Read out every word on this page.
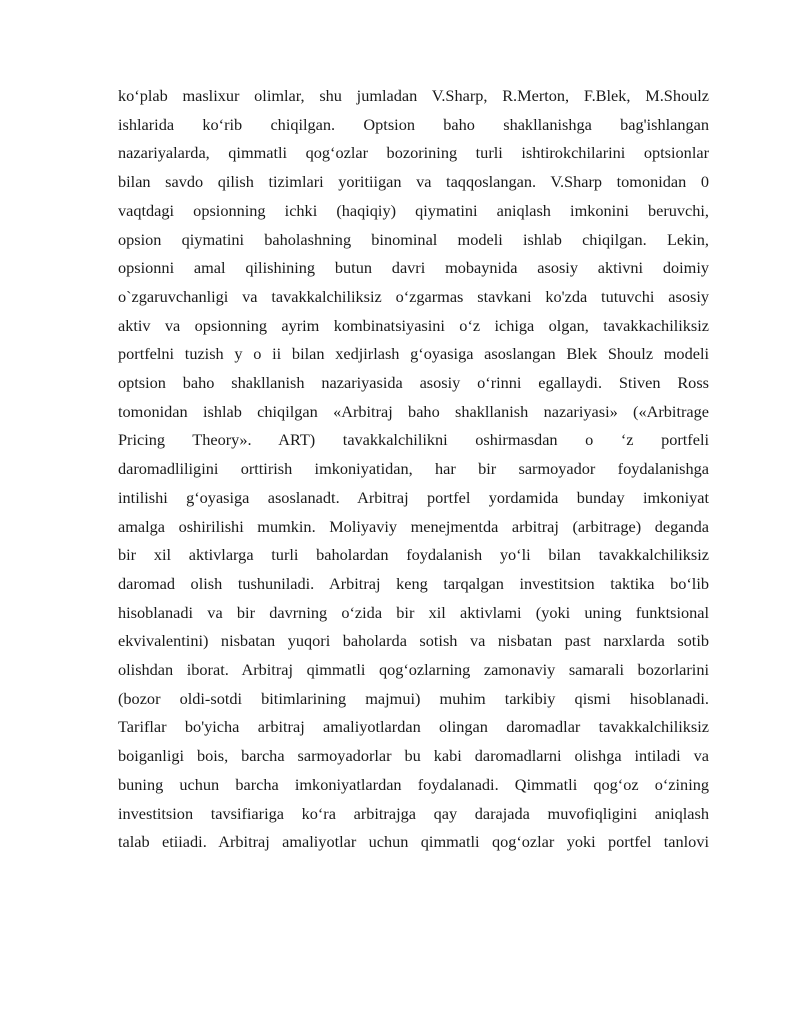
ko‘plab maslixur olimlar, shu jumladan V.Sharp, R.Merton, F.Blek, M.Shoulz
ishlarida ko‘rib chiqilgan. Optsion baho shakllanishga bag'ishlangan
nazariyalarda, qimmatli qog‘ozlar bozorining turli ishtirokchilarini optsionlar
bilan savdo qilish tizimlari yoritiigan va taqqoslangan. V.Sharp tomonidan 0
vaqtdagi opsionning ichki (haqiqiy) qiymatini aniqlash imkonini beruvchi,
opsion qiymatini baholashning binominal modeli ishlab chiqilgan. Lekin,
opsionni amal qilishining butun davri mobaynida asosiy aktivni doimiy
o`zgaruvchanligi va tavakkalchiliksiz o‘zgarmas stavkani ko'zda tutuvchi asosiy
aktiv va opsionning ayrim kombinatsiyasini o‘z ichiga olgan, tavakkachiliksiz
portfelni tuzish y o ii bilan xedjirlash g‘oyasiga asoslangan Blek Shoulz modeli
optsion baho shakllanish nazariyasida asosiy o‘rinni egallaydi. Stiven Ross
tomonidan ishlab chiqilgan «Arbitraj baho shakllanish nazariyasi» («Arbitrage
Pricing Theory». ART) tavakkalchilikni oshirmasdan o ‘z portfeli
daromadliligini orttirish imkoniyatidan, har bir sarmoyador foydalanishga
intilishi g‘oyasiga asoslanadt. Arbitraj portfel yordamida bunday imkoniyat
amalga oshirilishi mumkin. Moliyaviy menejmentda arbitraj (arbitrage) deganda
bir xil aktivlarga turli baholardan foydalanish yo‘li bilan tavakkalchiliksiz
daromad olish tushuniladi. Arbitraj keng tarqalgan investitsion taktika bo‘lib
hisoblanadi va bir davrning o‘zida bir xil aktivlami (yoki uning funktsional
ekvivalentini) nisbatan yuqori baholarda sotish va nisbatan past narxlarda sotib
olishdan iborat. Arbitraj qimmatli qog‘ozlarning zamonaviy samarali bozorlarini
(bozor oldi-sotdi bitimlarining majmui) muhim tarkibiy qismi hisoblanadi.
Tariflar bo'yicha arbitraj amaliyotlardan olingan daromadlar tavakkalchiliksiz
boiganligi bois, barcha sarmoyadorlar bu kabi daromadlarni olishga intiladi va
buning uchun barcha imkoniyatlardan foydalanadi. Qimmatli qog‘oz o‘zining
investitsion tavsifiariga ko‘ra arbitrajga qay darajada muvofiqligini aniqlash
talab etiiadi. Arbitraj amaliyotlar uchun qimmatli qog‘ozlar yoki portfel tanlovi
